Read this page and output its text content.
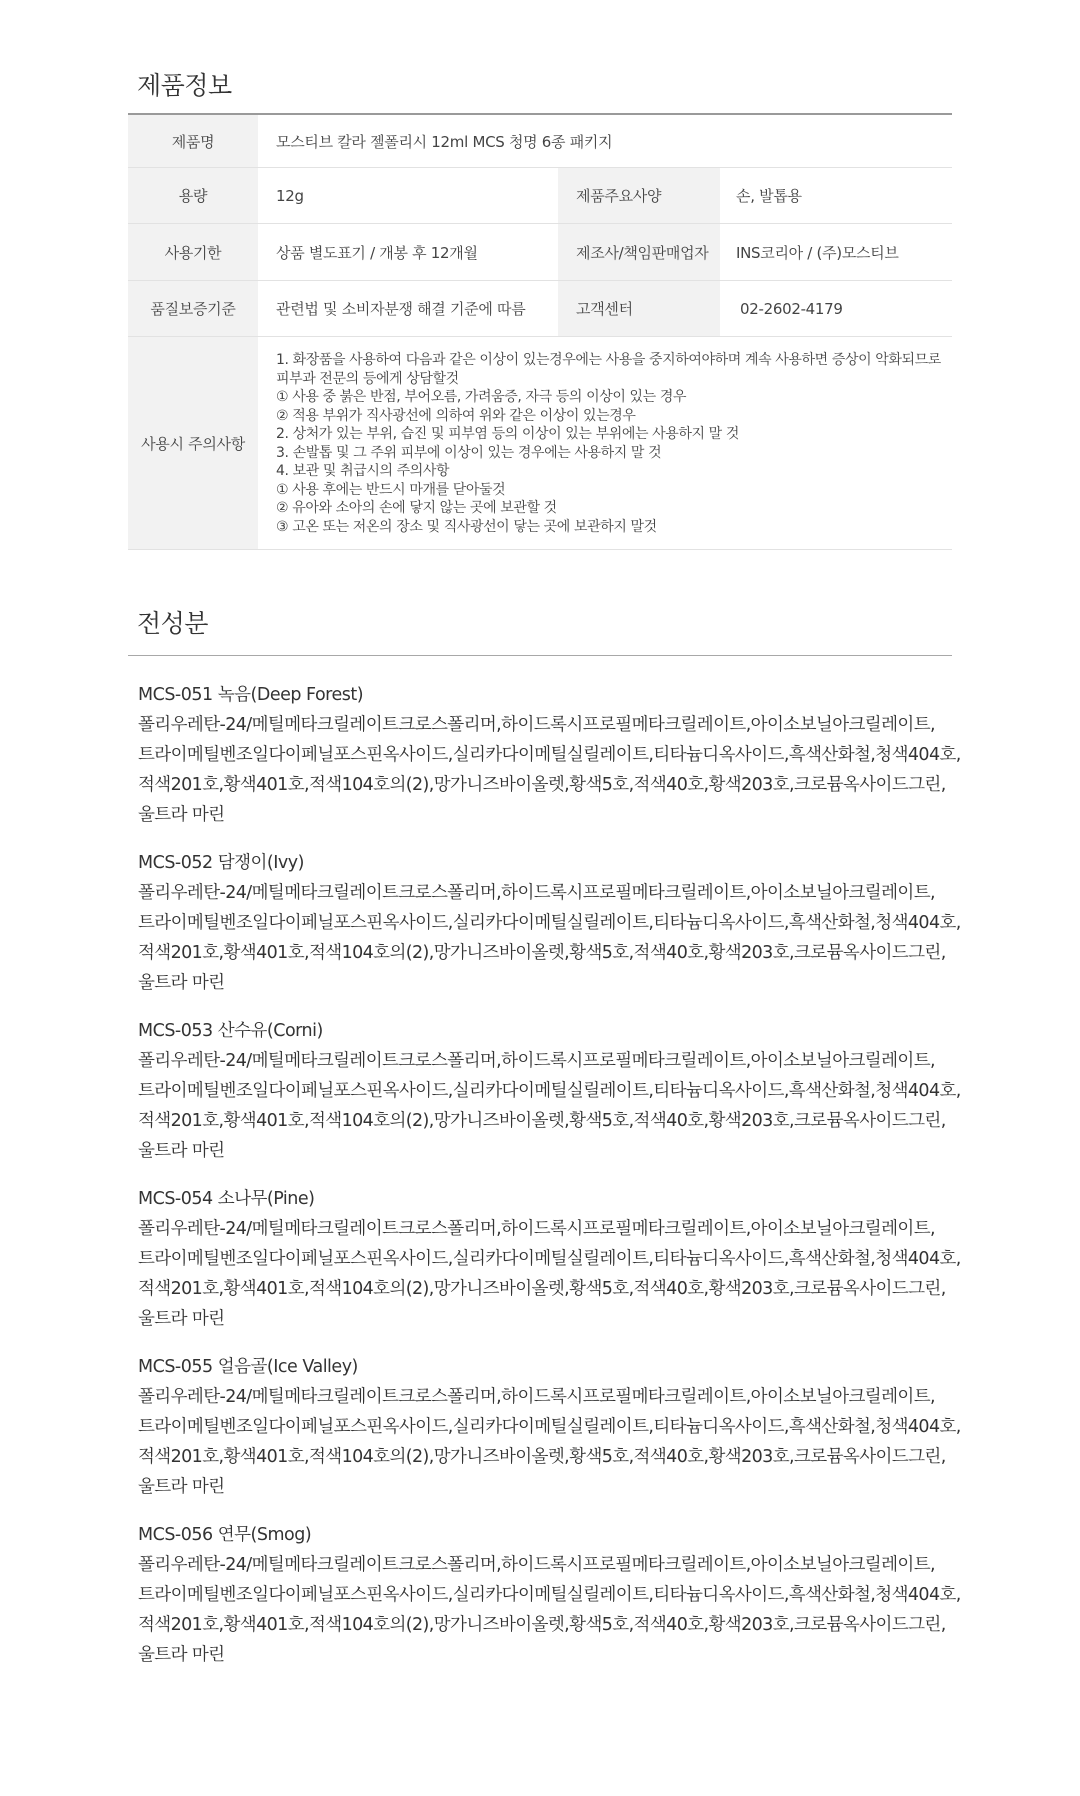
제품정보
제품명	모스티브 칼라 젤폴리시 12ml MCS 청명 6종 패키지
용량	12g	제품주요사양	손, 발톱용
사용기한	상품 별도표기 / 개봉 후 12개월	제조사/책임판매업자	INS코리아 / (주)모스티브
품질보증기준	관련법 및 소비자분쟁 해결 기준에 따름	고객센터	02-2602-4179
사용시 주의사항
1. 화장품을 사용하여 다음과 같은 이상이 있는경우에는 사용을 중지하여야하며 계속 사용하면 증상이 악화되므로
피부과 전문의 등에게 상담할것
① 사용 중 붉은 반점, 부어오름, 가려움증, 자극 등의 이상이 있는 경우
② 적용 부위가 직사광선에 의하여 위와 같은 이상이 있는경우
2. 상처가 있는 부위, 습진 및 피부염 등의 이상이 있는 부위에는 사용하지 말 것
3. 손발톱 및 그 주위 피부에 이상이 있는 경우에는 사용하지 말 것
4. 보관 및 취급시의 주의사항
① 사용 후에는 반드시 마개를 닫아둘것
② 유아와 소아의 손에 닿지 않는 곳에 보관할 것
③ 고온 또는 저온의 장소 및 직사광선이 닿는 곳에 보관하지 말것
전성분
MCS-051 녹음(Deep Forest)
폴리우레탄-24/메틸메타크릴레이트크로스폴리머,하이드록시프로필메타크릴레이트,아이소보닐아크릴레이트,
트라이메틸벤조일다이페닐포스핀옥사이드,실리카다이메틸실릴레이트,티타늄디옥사이드,흑색산화철,청색404호,
적색201호,황색401호,적색104호의(2),망가니즈바이올렛,황색5호,적색40호,황색203호,크로뮴옥사이드그린,
울트라 마린
MCS-052 담쟁이(Ivy)
폴리우레탄-24/메틸메타크릴레이트크로스폴리머,하이드록시프로필메타크릴레이트,아이소보닐아크릴레이트,
트라이메틸벤조일다이페닐포스핀옥사이드,실리카다이메틸실릴레이트,티타늄디옥사이드,흑색산화철,청색404호,
적색201호,황색401호,적색104호의(2),망가니즈바이올렛,황색5호,적색40호,황색203호,크로뮴옥사이드그린,
울트라 마린
MCS-053 산수유(Corni)
폴리우레탄-24/메틸메타크릴레이트크로스폴리머,하이드록시프로필메타크릴레이트,아이소보닐아크릴레이트,
트라이메틸벤조일다이페닐포스핀옥사이드,실리카다이메틸실릴레이트,티타늄디옥사이드,흑색산화철,청색404호,
적색201호,황색401호,적색104호의(2),망가니즈바이올렛,황색5호,적색40호,황색203호,크로뮴옥사이드그린,
울트라 마린
MCS-054 소나무(Pine)
폴리우레탄-24/메틸메타크릴레이트크로스폴리머,하이드록시프로필메타크릴레이트,아이소보닐아크릴레이트,
트라이메틸벤조일다이페닐포스핀옥사이드,실리카다이메틸실릴레이트,티타늄디옥사이드,흑색산화철,청색404호,
적색201호,황색401호,적색104호의(2),망가니즈바이올렛,황색5호,적색40호,황색203호,크로뮴옥사이드그린,
울트라 마린
MCS-055 얼음골(Ice Valley)
폴리우레탄-24/메틸메타크릴레이트크로스폴리머,하이드록시프로필메타크릴레이트,아이소보닐아크릴레이트,
트라이메틸벤조일다이페닐포스핀옥사이드,실리카다이메틸실릴레이트,티타늄디옥사이드,흑색산화철,청색404호,
적색201호,황색401호,적색104호의(2),망가니즈바이올렛,황색5호,적색40호,황색203호,크로뮴옥사이드그린,
울트라 마린
MCS-056 연무(Smog)
폴리우레탄-24/메틸메타크릴레이트크로스폴리머,하이드록시프로필메타크릴레이트,아이소보닐아크릴레이트,
트라이메틸벤조일다이페닐포스핀옥사이드,실리카다이메틸실릴레이트,티타늄디옥사이드,흑색산화철,청색404호,
적색201호,황색401호,적색104호의(2),망가니즈바이올렛,황색5호,적색40호,황색203호,크로뮴옥사이드그린,
울트라 마린
